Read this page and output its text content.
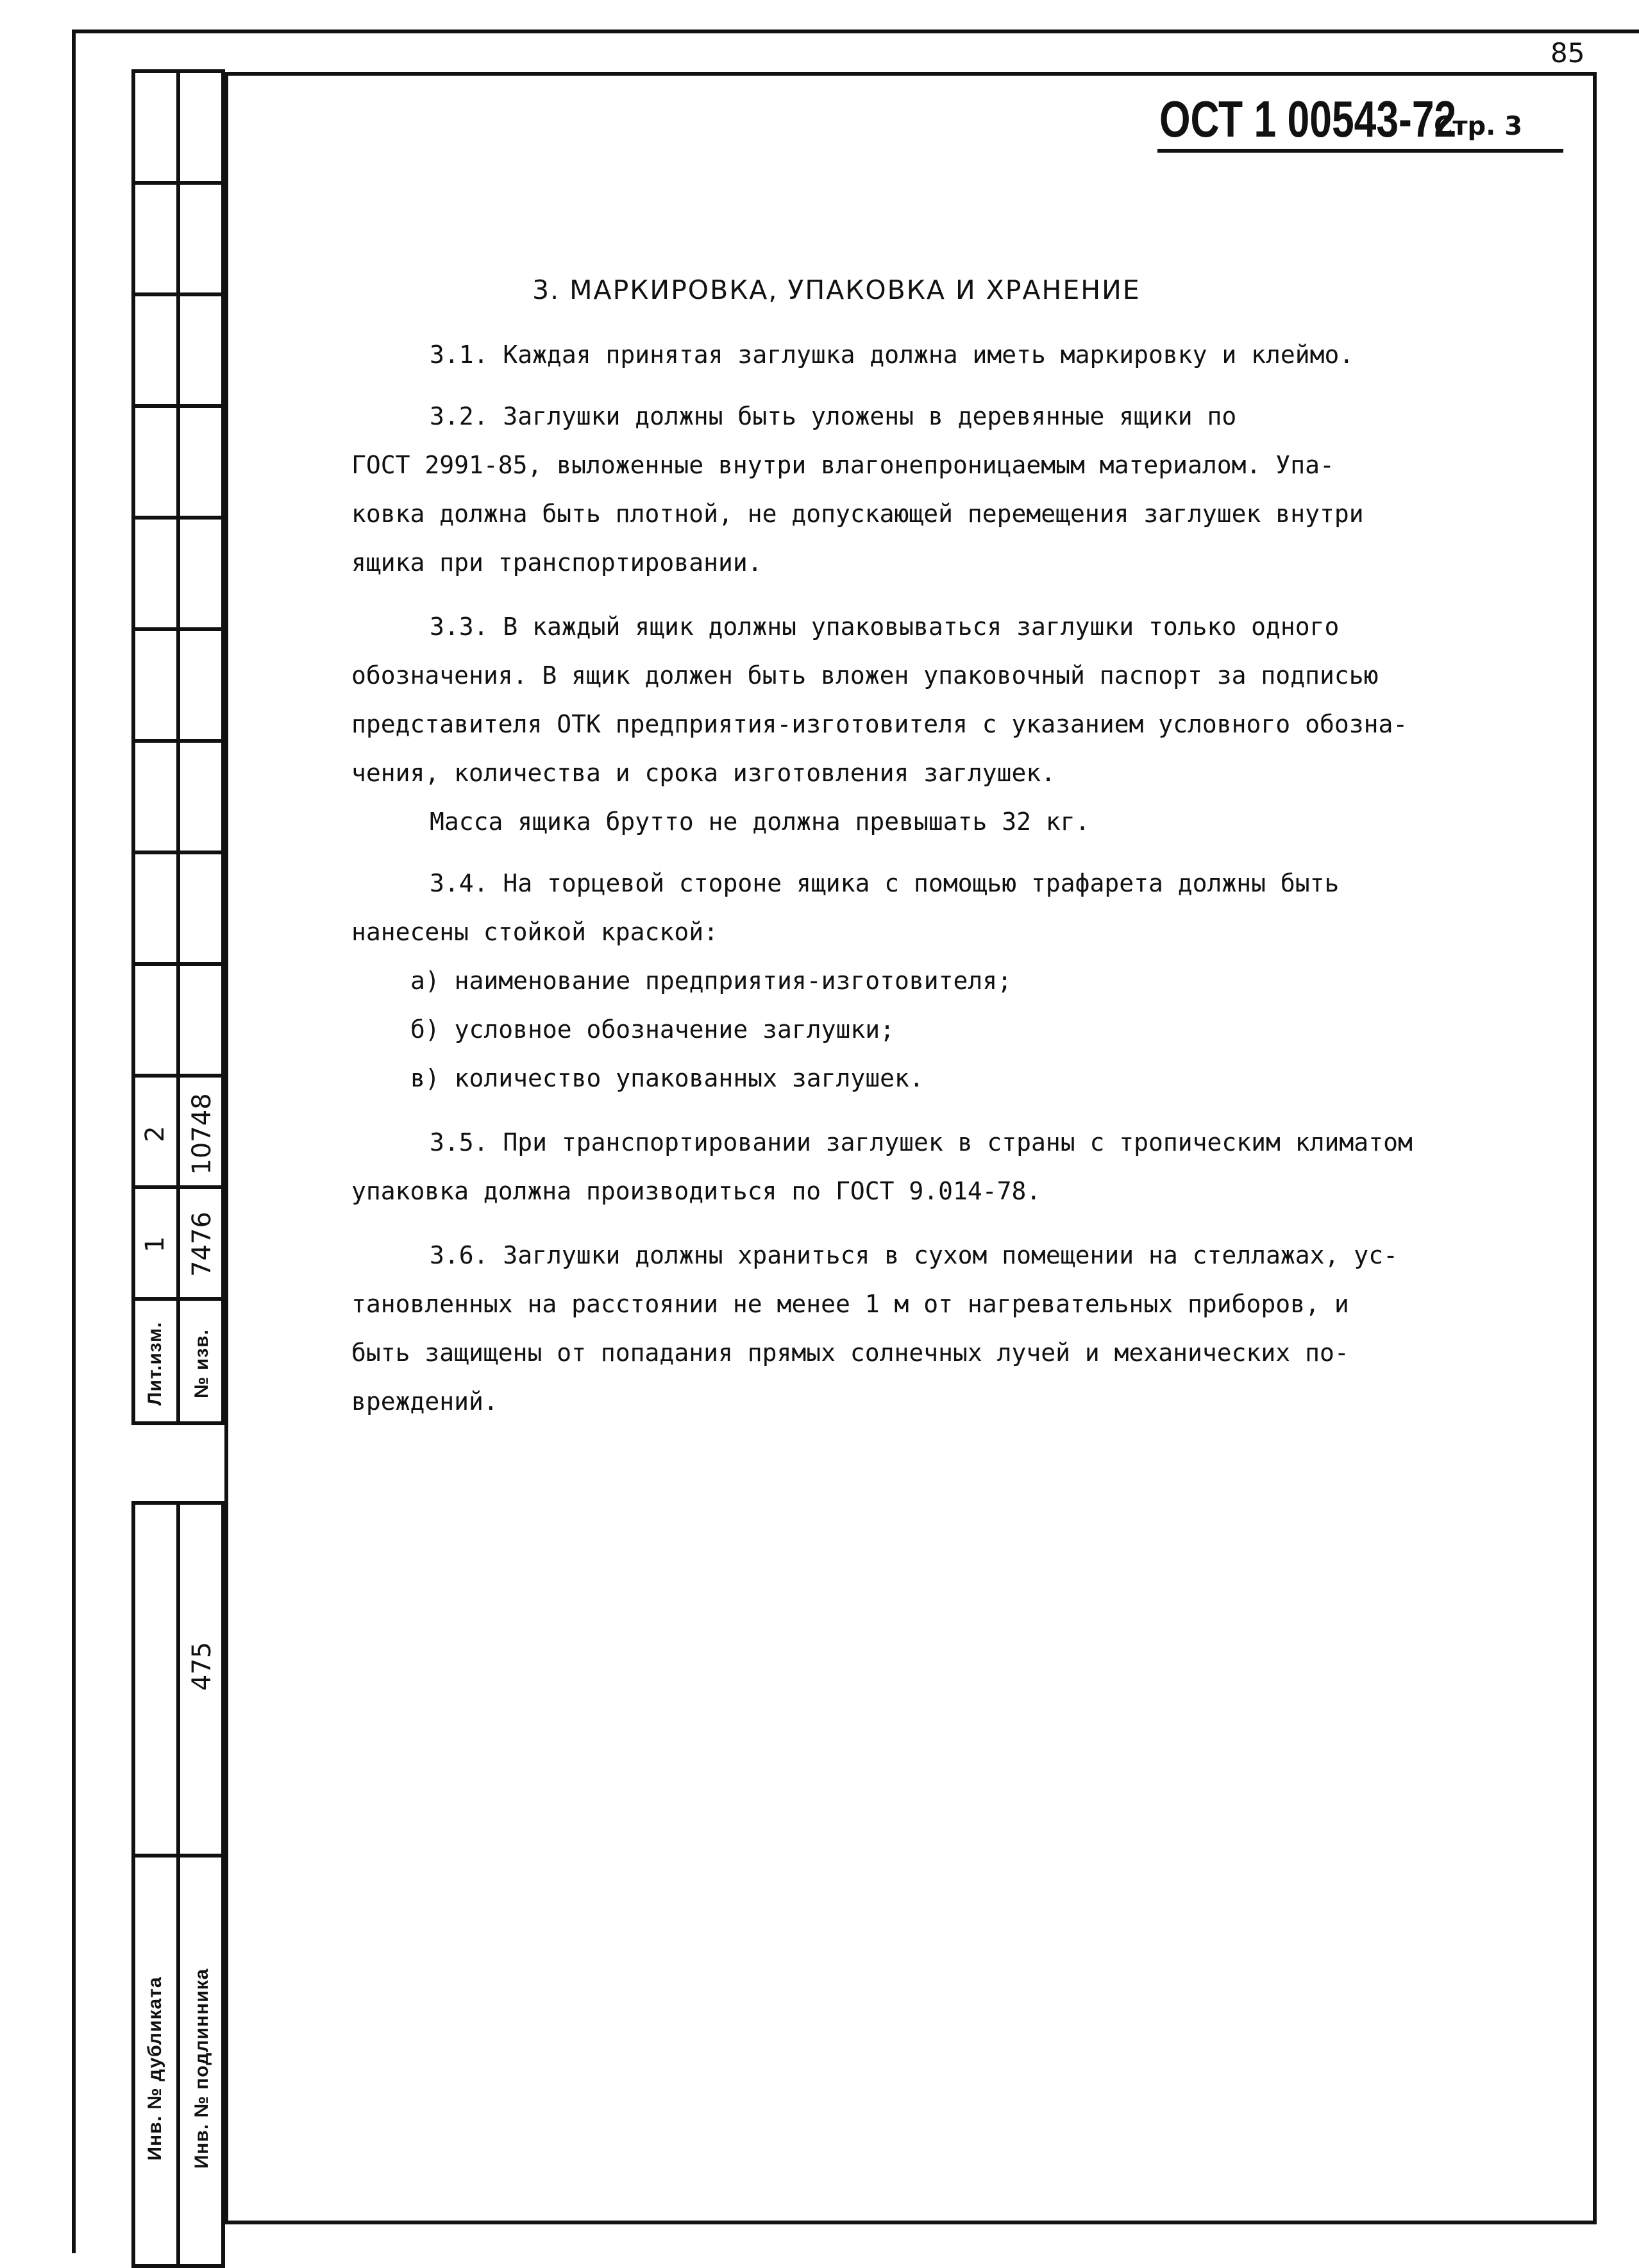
85
Лит.изм. № изв.
1
2
7476
10748
Инв. № дубликата Инв. № подлинника
475
ОСТ 1 00543-72
Стр. 3
3. МАРКИРОВКА, УПАКОВКА И ХРАНЕНИЕ
3.1. Каждая принятая заглушка должна иметь маркировку и клеймо.
3.2. Заглушки должны быть уложены в деревянные ящики по
ГОСТ 2991-85, выложенные внутри влагонепроницаемым материалом. Упа-
ковка должна быть плотной, не допускающей перемещения заглушек внутри
ящика при транспортировании.
3.3. В каждый ящик должны упаковываться заглушки только одного
обозначения. В ящик должен быть вложен упаковочный паспорт за подписью
представителя ОТК предприятия-изготовителя с указанием условного обозна-
чения, количества и срока изготовления заглушек.
Масса ящика брутто не должна превышать 32 кг.
3.4. На торцевой стороне ящика с помощью трафарета должны быть
нанесены стойкой краской:
а) наименование предприятия-изготовителя;
б) условное обозначение заглушки;
в) количество упакованных заглушек.
3.5. При транспортировании заглушек в страны с тропическим климатом
упаковка должна производиться по ГОСТ 9.014-78.
3.6. Заглушки должны храниться в сухом помещении на стеллажах, ус-
тановленных на расстоянии не менее 1 м от нагревательных приборов, и
быть защищены от попадания прямых солнечных лучей и механических по-
вреждений.
